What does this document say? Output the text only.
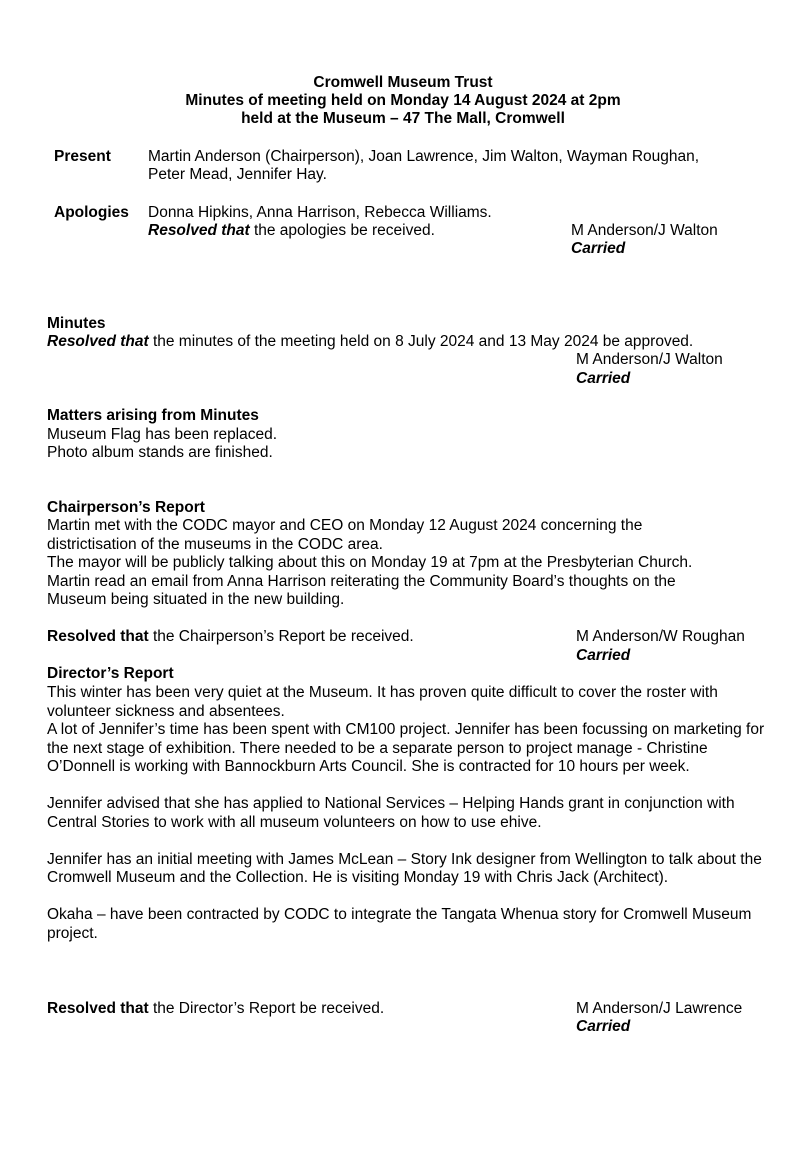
Cromwell Museum Trust
Minutes of meeting held on Monday 14 August 2024 at 2pm
held at the Museum – 47 The Mall, Cromwell
Present Martin Anderson (Chairperson), Joan Lawrence, Jim Walton, Wayman Roughan,
Peter Mead, Jennifer Hay.
Apologies Donna Hipkins, Anna Harrison, Rebecca Williams.
Resolved that the apologies be received.	M Anderson/J Walton
Carried
Minutes
Resolved that the minutes of the meeting held on 8 July 2024 and 13 May 2024 be approved.
M Anderson/J Walton
Carried
Matters arising from Minutes
Museum Flag has been replaced.
Photo album stands are finished.
Chairperson’s Report
Martin met with the CODC mayor and CEO on Monday 12 August 2024 concerning the districtisation of the museums in the CODC area.
The mayor will be publicly talking about this on Monday 19 at 7pm at the Presbyterian Church.
Martin read an email from Anna Harrison reiterating the Community Board’s thoughts on the Museum being situated in the new building.
Resolved that the Chairperson’s Report be received.	M Anderson/W Roughan
Carried
Director’s Report

This winter has been very quiet at the Museum. It has proven quite difficult to cover the roster with volunteer sickness and absentees.

A lot of Jennifer’s time has been spent with CM100 project. Jennifer has been focussing on marketing for the next stage of exhibition. There needed to be a separate person to project manage - Christine O’Donnell is working with Bannockburn Arts Council. She is contracted for 10 hours per week.

Jennifer advised that she has applied to National Services – Helping Hands grant in conjunction with Central Stories to work with all museum volunteers on how to use ehive.

Jennifer has an initial meeting with James McLean – Story Ink designer from Wellington to talk about the Cromwell Museum and the Collection. He is visiting Monday 19 with Chris Jack (Architect).

Okaha – have been contracted by CODC to integrate the Tangata Whenua story for Cromwell Museum project.

Resolved that the Director’s Report be received.	M Anderson/J Lawrence
Carried
